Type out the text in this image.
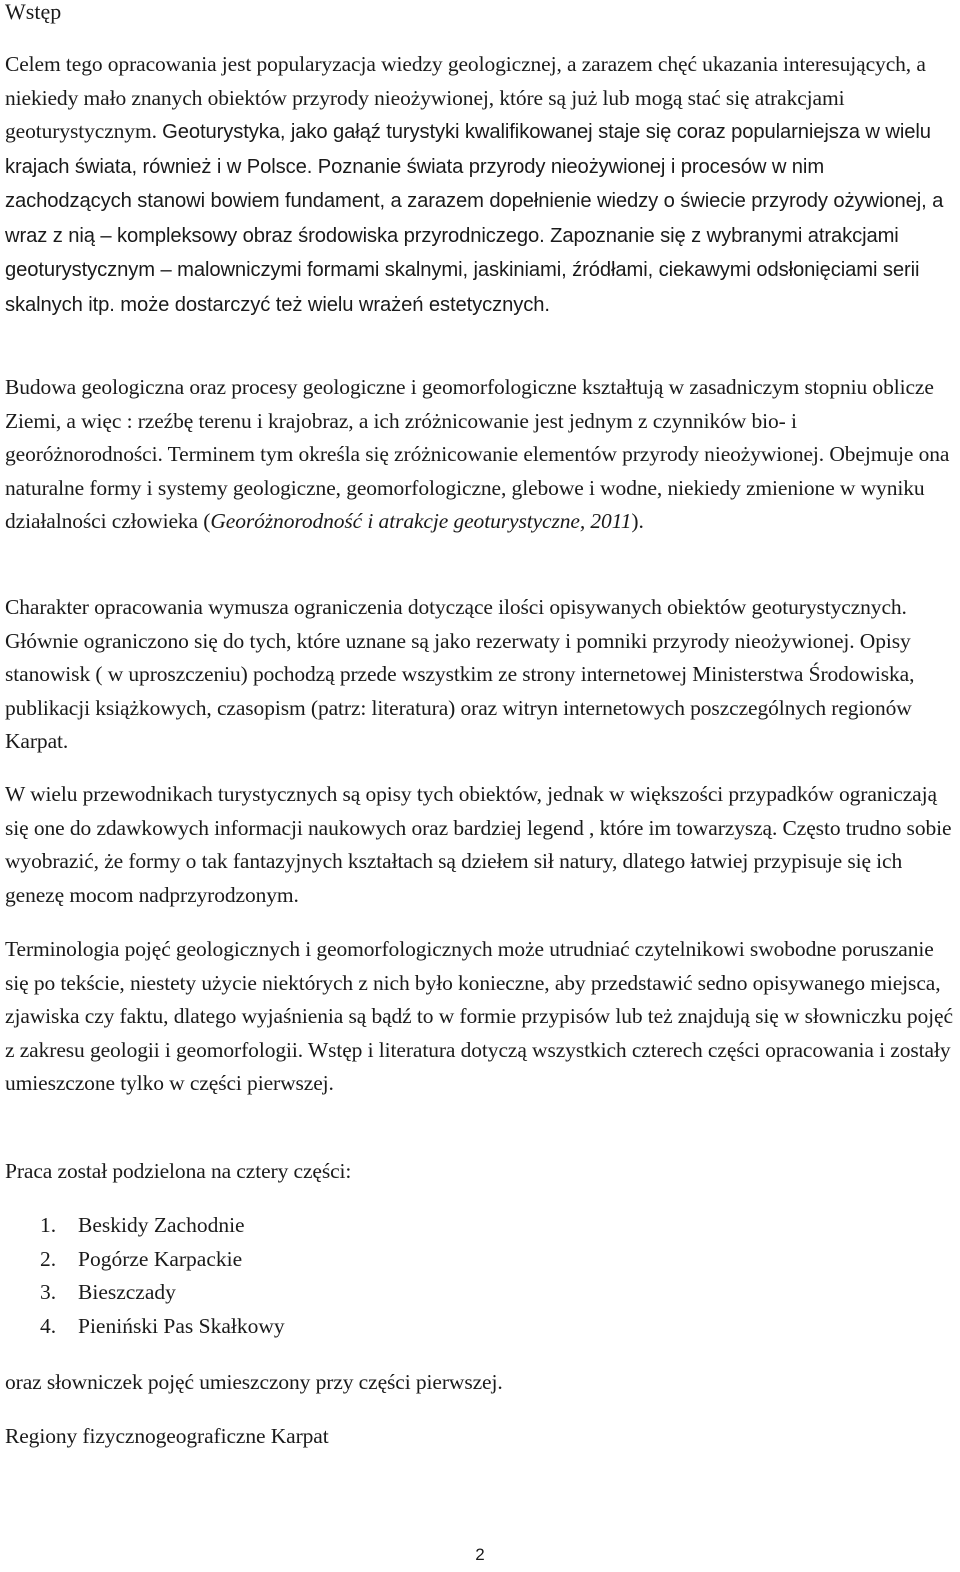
Wstęp

Celem tego opracowania jest popularyzacja wiedzy geologicznej, a zarazem chęć ukazania interesujących, a niekiedy mało znanych obiektów przyrody nieożywionej, które są już lub mogą stać się atrakcjami geoturystycznym. Geoturystyka, jako gałąź turystyki kwalifikowanej staje się coraz popularniejsza w wielu krajach świata, również i w Polsce. Poznanie świata przyrody nieożywionej i procesów w nim zachodzących stanowi bowiem fundament, a zarazem dopełnienie wiedzy o świecie przyrody ożywionej, a wraz z nią – kompleksowy obraz środowiska przyrodniczego. Zapoznanie się z wybranymi atrakcjami geoturystycznym – malowniczymi formami skalnymi, jaskiniami, źródłami, ciekawymi odsłonięciami serii skalnych itp. może dostarczyć też wielu wrażeń estetycznych.

Budowa geologiczna oraz procesy geologiczne i geomorfologiczne kształtują w zasadniczym stopniu oblicze Ziemi, a więc : rzeźbę terenu i krajobraz, a ich zróżnicowanie jest jednym z czynników bio- i georóżnorodności. Terminem tym określa się zróżnicowanie elementów przyrody nieożywionej. Obejmuje ona naturalne formy i systemy geologiczne, geomorfologiczne, glebowe i wodne, niekiedy zmienione w wyniku działalności człowieka (Georóżnorodność i atrakcje geoturystyczne, 2011).

Charakter opracowania wymusza ograniczenia dotyczące ilości opisywanych obiektów geoturystycznych. Głównie ograniczono się do tych, które uznane są jako rezerwaty i pomniki przyrody nieożywionej. Opisy stanowisk ( w uproszczeniu) pochodzą przede wszystkim ze strony internetowej Ministerstwa Środowiska, publikacji książkowych, czasopism (patrz: literatura) oraz witryn internetowych poszczególnych regionów Karpat.

W wielu przewodnikach turystycznych są opisy tych obiektów, jednak w większości przypadków ograniczają się one do zdawkowych informacji naukowych oraz bardziej legend , które im towarzyszą. Często trudno sobie wyobrazić, że formy o tak fantazyjnych kształtach są dziełem sił natury, dlatego łatwiej przypisuje się ich genezę mocom nadprzyrodzonym.

Terminologia pojęć geologicznych i geomorfologicznych może utrudniać czytelnikowi swobodne poruszanie się po tekście, niestety użycie niektórych z nich było konieczne, aby przedstawić sedno opisywanego miejsca, zjawiska czy faktu, dlatego wyjaśnienia są bądź to w formie przypisów lub też znajdują się w słowniczku pojęć z zakresu geologii i geomorfologii. Wstęp i literatura dotyczą wszystkich czterech części opracowania i zostały umieszczone tylko w części pierwszej.

Praca został podzielona na cztery części:

1.	Beskidy Zachodnie
2.	Pogórze Karpackie
3.	Bieszczady
4.	Pieniński Pas Skałkowy

oraz słowniczek pojęć umieszczony przy części pierwszej.

Regiony fizycznogeograficzne Karpat

2
